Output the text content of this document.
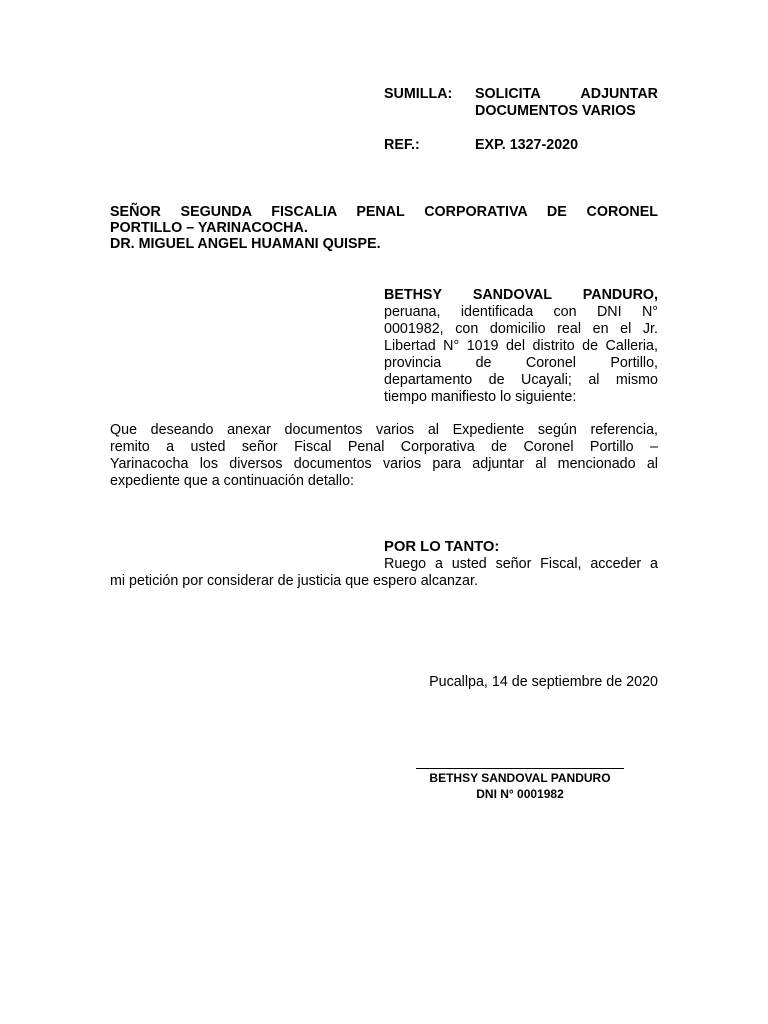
SUMILLA: SOLICITA ADJUNTAR
DOCUMENTOS VARIOS
REF.:	EXP. 1327-2020
SEÑOR SEGUNDA FISCALIA PENAL CORPORATIVA DE CORONEL
PORTILLO – YARINACOCHA.
DR. MIGUEL ANGEL HUAMANI QUISPE.
BETHSY SANDOVAL PANDURO,
peruana, identificada con DNI N°
0001982, con domicilio real en el Jr.
Libertad N° 1019 del distrito de Calleria,
provincia de Coronel Portillo,
departamento de Ucayali; al mismo
tiempo manifiesto lo siguiente:
Que deseando anexar documentos varios al Expediente según referencia,
remito a usted señor Fiscal Penal Corporativa de Coronel Portillo –
Yarinacocha los diversos documentos varios para adjuntar al mencionado al
expediente que a continuación detallo:
POR LO TANTO:
Ruego a usted señor Fiscal, acceder a
mi petición por considerar de justicia que espero alcanzar.
Pucallpa, 14 de septiembre de 2020
BETHSY SANDOVAL PANDURO
DNI N° 0001982
